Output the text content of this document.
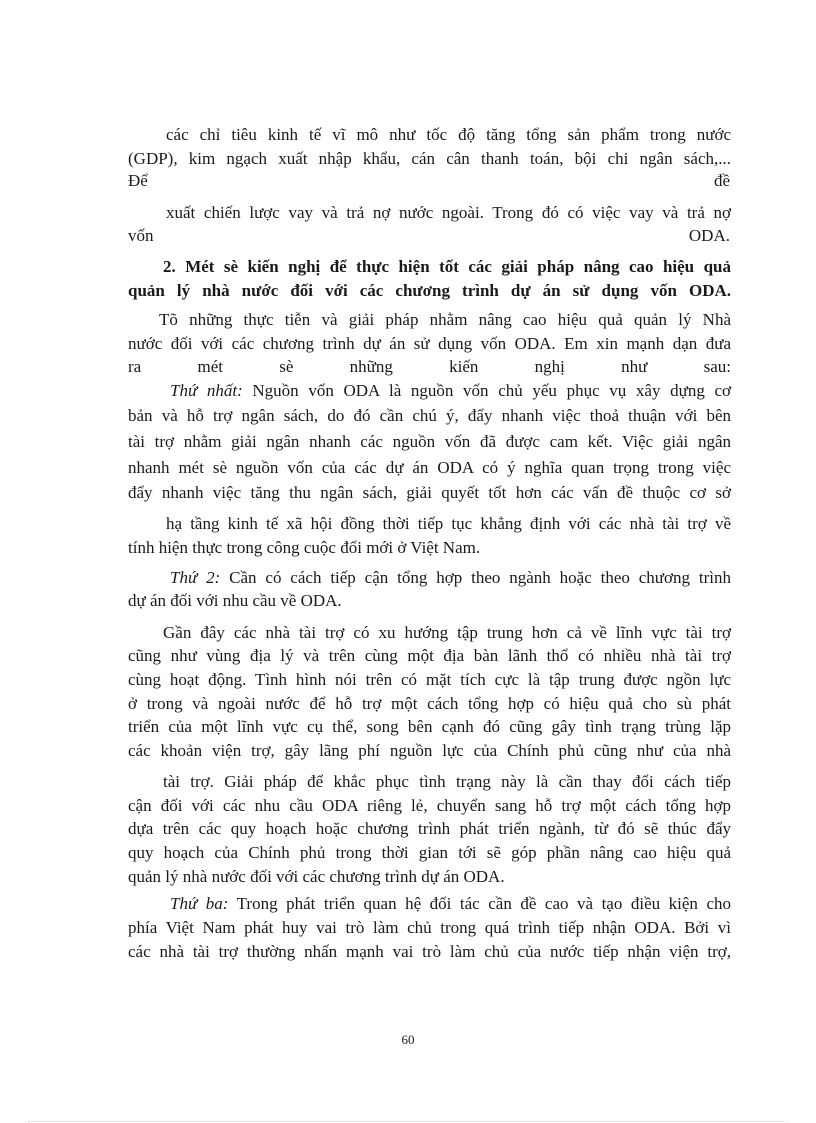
các chỉ tiêu kinh tế vĩ mô như tốc độ tăng tổng sản phẩm trong nước

(GDP), kim ngạch xuất nhập khẩu, cán cân thanh toán, bội chi ngân sách,...

Để	đề

xuất chiến lược vay và trả nợ nước ngoài. Trong đó có việc vay và trả nợ

vốn	ODA.

2. Mét sè kiến nghị để thực hiện tốt các giải pháp nâng cao hiệu quả

quản lý nhà nước đối với các chương trình dự án sử dụng vốn ODA.

Tõ những thực tiễn và giải pháp nhằm nâng cao hiệu quả quản lý Nhà

nước đối với các chương trình dự án sử dụng vốn ODA. Em xin mạnh dạn đưa

ra	mét	sè	những	kiến	nghị	như	sau:

Thứ nhất: Nguồn vốn ODA là nguồn vốn chủ yếu phục vụ xây dựng cơ

bản và hỗ trợ ngân sách, do đó cần chú ý, đẩy nhanh việc thoả thuận với bên

tài trợ nhằm giải ngân nhanh các nguồn vốn đã được cam kết. Việc giải ngân

nhanh mét sè nguồn vốn của các dự án ODA có ý nghĩa quan trọng trong việc

đẩy nhanh việc tăng thu ngân sách, giải quyết tốt hơn các vấn đề thuộc cơ sở

hạ tầng kinh tế xã hội đồng thời tiếp tục khẳng định với các nhà tài trợ về

tính hiện thực trong công cuộc đổi mới ở Việt Nam.

Thứ 2: Cần có cách tiếp cận tổng hợp theo ngành hoặc theo chương trình

dự án đối với nhu cầu về ODA.

Gần đây các nhà tài trợ có xu hướng tập trung hơn cả về lĩnh vực tài trợ

cũng như vùng địa lý và trên cùng một địa bàn lãnh thổ có nhiều nhà tài trợ

cùng hoạt động. Tình hình nói trên có mặt tích cực là tập trung được ngồn lực

ở trong và ngoài nước để hỗ trợ một cách tổng hợp có hiệu quả cho sù phát

triển của một lĩnh vực cụ thể, song bên cạnh đó cũng gây tình trạng trùng lặp

các khoản viện trợ, gây lãng phí nguồn lực của Chính phủ cũng như của nhà

tài trợ. Giải pháp để khắc phục tình trạng này là cần thay đổi cách tiếp

cận đối với các nhu cầu ODA riêng lẻ, chuyển sang hỗ trợ một cách tổng hợp

dựa trên các quy hoạch hoặc chương trình phát triển ngành, từ đó sẽ thúc đẩy

quy hoạch của Chính phủ trong thời gian tới sẽ góp phần nâng cao hiệu quả

quản lý nhà nước đối với các chương trình dự án ODA.

Thứ ba: Trong phát triển quan hệ đối tác cần đề cao và tạo điều kiện cho

phía Việt Nam phát huy vai trò làm chủ trong quá trình tiếp nhận ODA. Bởi vì

các nhà tài trợ thường nhấn mạnh vai trò làm chủ của nước tiếp nhận viện trợ,

60
